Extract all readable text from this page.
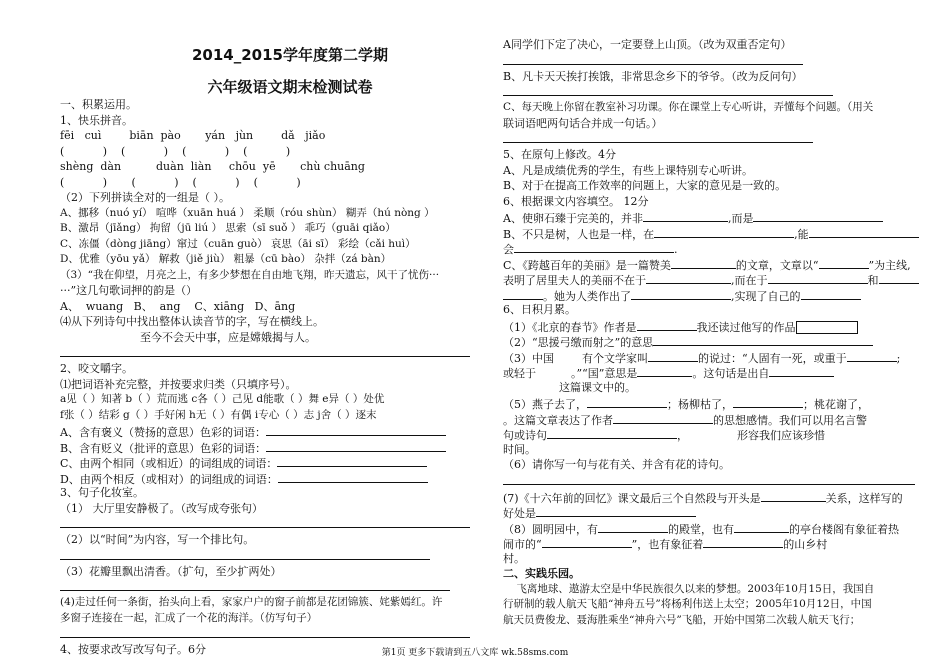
2014_2015学年度第二学期
六年级语文期末检测试卷
一、积累运用。
1、快乐拼音。
fēi   cuì        biān  pào       yán   jùn        dǎ   jiǎo
(           )    (           )    (           )    (           )
shèng  dàn          duàn  liàn     chōu  yē       chù chuāng
(           )       (           )    (           )    (           )
（2）下列拼读全对的一组是（ ）。
A、挪移（nuó yí） 喧哗（xuān huá ） 柔顺（róu shùn） 糊弄（hú nòng ）
B、激昂（jīǎng） 拘留（jū liú ） 思索（sī suǒ ） 乖巧（guāi qiǎo）
C、冻僵（dòng jiāng）窜过（cuān guò） 哀思（āi sī） 彩绘（cǎi huì）
D、优雅（yōu yǎ） 解救（jiě jiù） 粗暴（cū bào） 杂拌（zá bàn）
（3）“我在仰望，月亮之上，有多少梦想在自由地飞翔，昨天遗忘，风干了忧伤···
···”这几句歌词押的韵是（）
A、  wuang   B、  ang    C、xiāng   D、āng
⑷从下列诗句中找出整体认读音节的字，写在横线上。
至今不会天中事，应是嫦娥揭与人。
2、咬文嚼字。
⑴把词语补充完整，并按要求归类（只填序号）。
a见（ ）知著 b（ ）荒而逃 c各（ ）己见 d能歌（ ）舞 e异（ ）处优
f张（ ）结彩 g（ ）手好闲 h无（ ）有偶 i专心（ ）志 j舍（ ）逐末
A、含有褒义（赞扬的意思）色彩的词语：
B、含有贬义（批评的意思）色彩的词语：
C、由两个相同（或相近）的词组成的词语：
D、由两个相反（或相对）的词组成的词语：
3、句子化妆室。
（1） 大厅里安静极了。（改写成夸张句）
（2）以“时间”为内容，写一个排比句。
（3）花瓣里飘出清香。（扩句，至少扩两处）
(4)走过任何一条街，抬头向上看，家家户户的窗子前都是花团锦簇、姹紫嫣红。许
多窗子连接在一起，汇成了一个花的海洋。（仿写句子）
4、按要求改写改写句子。6分
A同学们下定了决心，一定要登上山顶。（改为双重否定句）
B、凡卡天天挨打挨饿，非常思念乡下的爷爷。（改为反问句）
C、每天晚上你留在教室补习功课。你在课堂上专心听讲，弄懂每个问题。（用关
联词语吧两句话合并成一句话。）
5、在原句上修改。4分
A、凡是成绩优秀的学生，有些上课特别专心听讲。
B、对于在提高工作效率的问题上，大家的意见是一致的。
6、根据课文内容填空。 12分
A、使卵石臻于完美的，并非	,而是
B、不只是树，人也是一样，在	,能
会	.
C、《跨越百年的美丽》是一篇赞美	的文章，文章以“	”为主线,
表明了居里夫人的美丽不在于	,而在于	和
。她为人类作出了	,实现了自己的
6、日积月累。
（1）《北京的春节》作者是	我还读过他写的作品
（2）“思援弓缴而射之”的意思
（3）中国        有个文学家叫	的说过：“人固有一死，或重于	;
或轻于          。”“国”意思是	。这句话是出自
这篇课文中的。
（5）燕子去了，	；杨柳枯了，	；桃花谢了，
。这篇文章表达了作者	的思想感情。我们可以用名言警
句或诗句	，	形容我们应该珍惜
时间。
（6）请你写一句与花有关、并含有花的诗句。
(7)《十六年前的回忆》课文最后三个自然段与开头是	关系，这样写的
好处是
（8）圆明园中，有	的殿堂，也有	的亭台楼阁有象征着热
闹市的“	”，也有象征着	的山乡村
村。
二、实践乐园。
飞离地球、遨游太空是中华民族很久以来的梦想。2003年10月15日，我国自
行研制的载人航天飞船“神舟五号”将杨利伟送上太空；2005年10月12日，中国
航天员费俊龙、聂海胜乘坐“神舟六号”飞船，开始中国第二次载人航天飞行；
第1页 更多下载请到五八文库 wk.58sms.com
